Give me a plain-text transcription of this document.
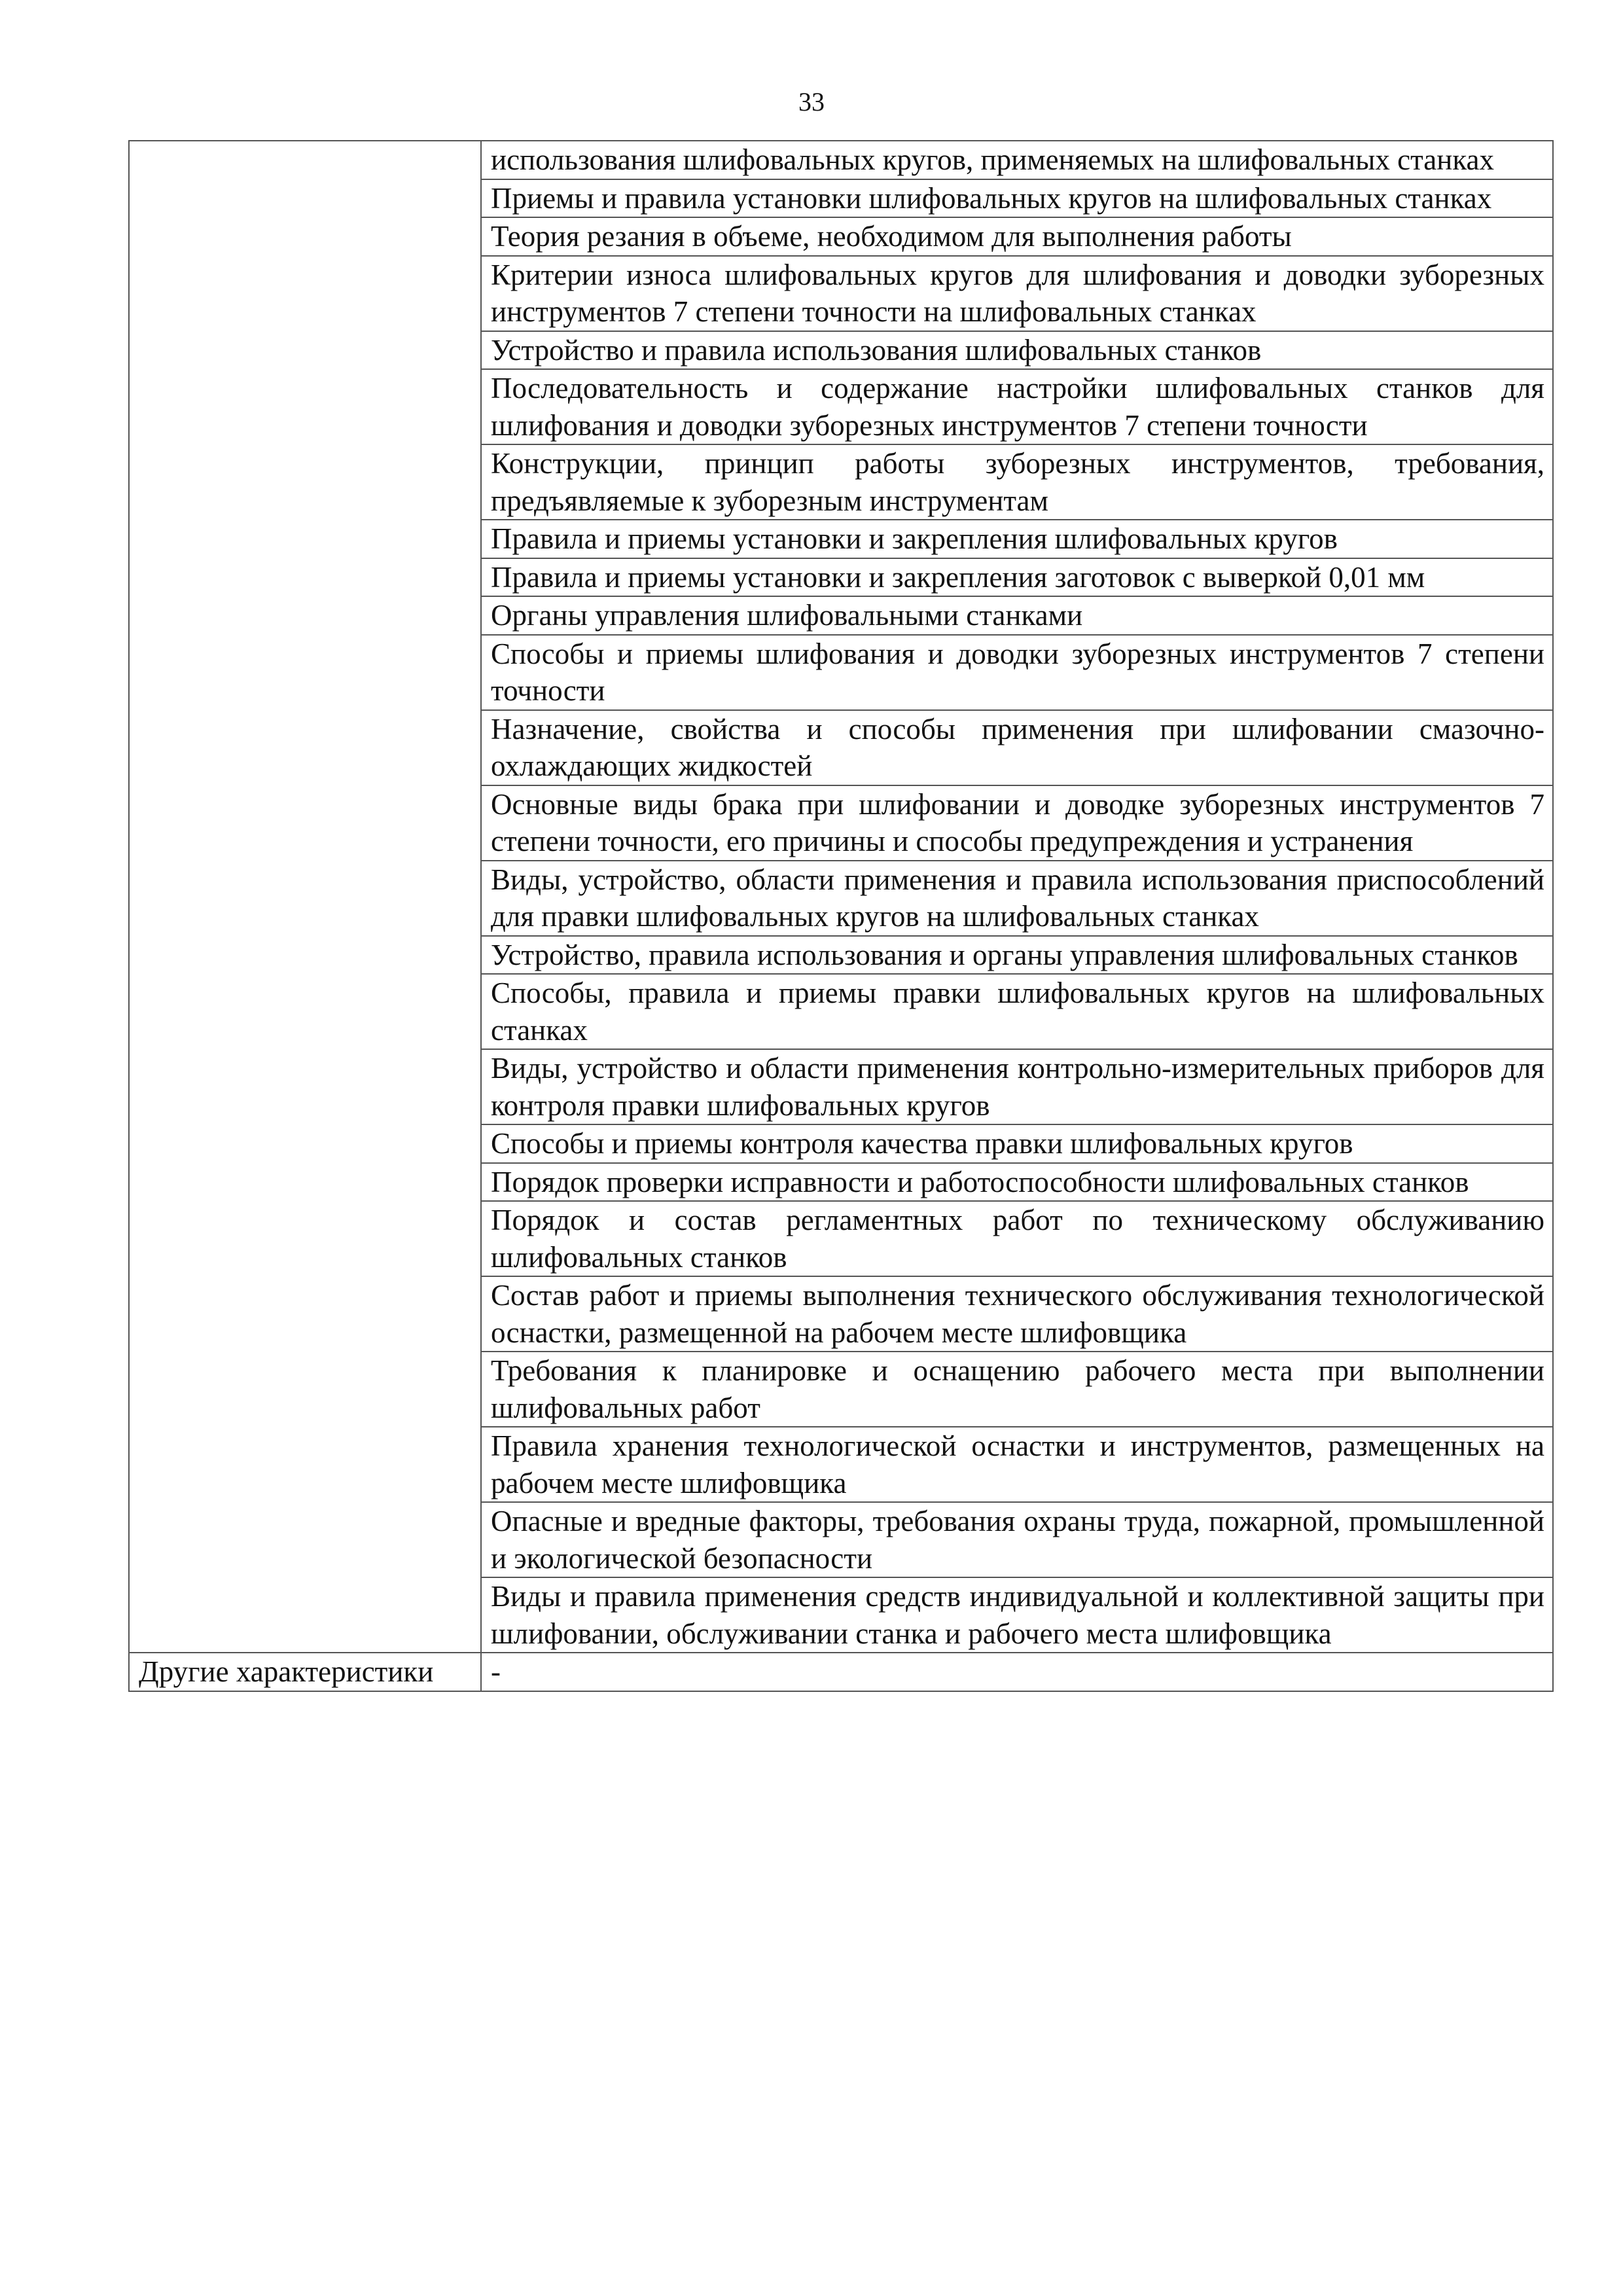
33

	использования шлифовальных кругов, применяемых на шлифовальных станках

	Приемы и правила установки шлифовальных кругов на шлифовальных станках

	Теория резания в объеме, необходимом для выполнения работы

	Критерии износа шлифовальных кругов для шлифования и доводки зуборезных инструментов 7 степени точности на шлифовальных станках

	Устройство и правила использования шлифовальных станков

	Последовательность и содержание настройки шлифовальных станков для шлифования и доводки зуборезных инструментов 7 степени точности

	Конструкции, принцип работы зуборезных инструментов, требования, предъявляемые к зуборезным инструментам

	Правила и приемы установки и закрепления шлифовальных кругов

	Правила и приемы установки и закрепления заготовок с выверкой 0,01 мм

	Органы управления шлифовальными станками

	Способы и приемы шлифования и доводки зуборезных инструментов 7 степени точности

	Назначение, свойства и способы применения при шлифовании смазочно-охлаждающих жидкостей

	Основные виды брака при шлифовании и доводке зуборезных инструментов 7 степени точности, его причины и способы предупреждения и устранения

	Виды, устройство, области применения и правила использования приспособлений для правки шлифовальных кругов на шлифовальных станках

	Устройство, правила использования и органы управления шлифовальных станков

	Способы, правила и приемы правки шлифовальных кругов на шлифовальных станках

	Виды, устройство и области применения контрольно-измерительных приборов для контроля правки шлифовальных кругов

	Способы и приемы контроля качества правки шлифовальных кругов

	Порядок проверки исправности и работоспособности шлифовальных станков

	Порядок и состав регламентных работ по техническому обслуживанию шлифовальных станков

	Состав работ и приемы выполнения технического обслуживания технологической оснастки, размещенной на рабочем месте шлифовщика

	Требования к планировке и оснащению рабочего места при выполнении шлифовальных работ

	Правила хранения технологической оснастки и инструментов, размещенных на рабочем месте шлифовщика

	Опасные и вредные факторы, требования охраны труда, пожарной, промышленной и экологической безопасности

	Виды и правила применения средств индивидуальной и коллективной защиты при шлифовании, обслуживании станка и рабочего места шлифовщика

Другие характеристики	-
